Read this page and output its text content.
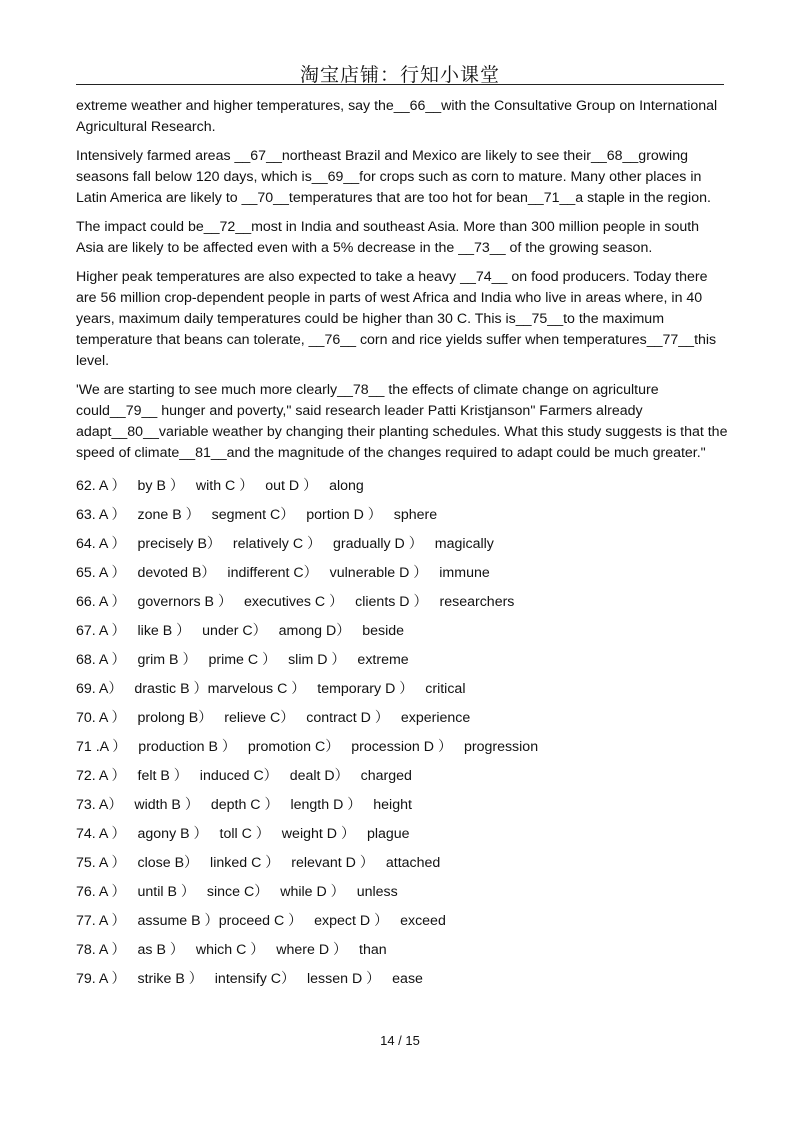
淘宝店铺：行知小课堂

extreme weather and higher temperatures, say the__66__with the Consultative Group on International Agricultural Research.

Intensively farmed areas __67__northeast Brazil and Mexico are likely to see their__68__growing seasons fall below 120 days, which is__69__for crops such as corn to mature. Many other places in Latin America are likely to __70__temperatures that are too hot for bean__71__a staple in the region.

The impact could be__72__most in India and southeast Asia. More than 300 million people in south Asia are likely to be affected even with a 5% decrease in the __73__ of the growing season.

Higher peak temperatures are also expected to take a heavy __74__ on food producers. Today there are 56 million crop-dependent people in parts of west Africa and India who live in areas where, in 40 years, maximum daily temperatures could be higher than 30 C. This is__75__to the maximum temperature that beans can tolerate, __76__ corn and rice yields suffer when temperatures__77__this level.

'We are starting to see much more clearly__78__ the effects of climate change on agriculture could__79__ hunger and poverty," said research leader Patti Kristjanson" Farmers already adapt__80__variable weather by changing their planting schedules. What this study suggests is that the speed of climate__81__and the magnitude of the changes required to adapt could be much greater."

62. A ）   by B ）   with C ）   out D ）   along
63. A ）   zone B ）   segment C）   portion D ）   sphere
64. A ）   precisely B）   relatively C ）   gradually D ）   magically
65. A ）   devoted B）   indifferent C）   vulnerable D ）   immune
66. A ）   governors B ）   executives C ）   clients D ）   researchers
67. A ）   like B ）   under C）   among D）   beside
68. A ）   grim B ）   prime C ）   slim D ）   extreme
69. A）   drastic B ）marvelous C ）   temporary D ）   critical
70. A ）   prolong B）   relieve C）   contract D ）   experience
71 .A ）   production B ）   promotion C）   procession D ）   progression
72. A ）   felt B ）   induced C）   dealt D）   charged
73. A）   width B ）   depth C ）   length D ）   height
74. A ）   agony B ）   toll C ）   weight D ）   plague
75. A ）   close B）   linked C ）   relevant D ）   attached
76. A ）   until B ）   since C）   while D ）   unless
77. A ）   assume B ）proceed C ）   expect D ）   exceed
78. A ）   as B ）   which C ）   where D ）   than
79. A ）   strike B ）   intensify C）   lessen D ）   ease
14 / 15
